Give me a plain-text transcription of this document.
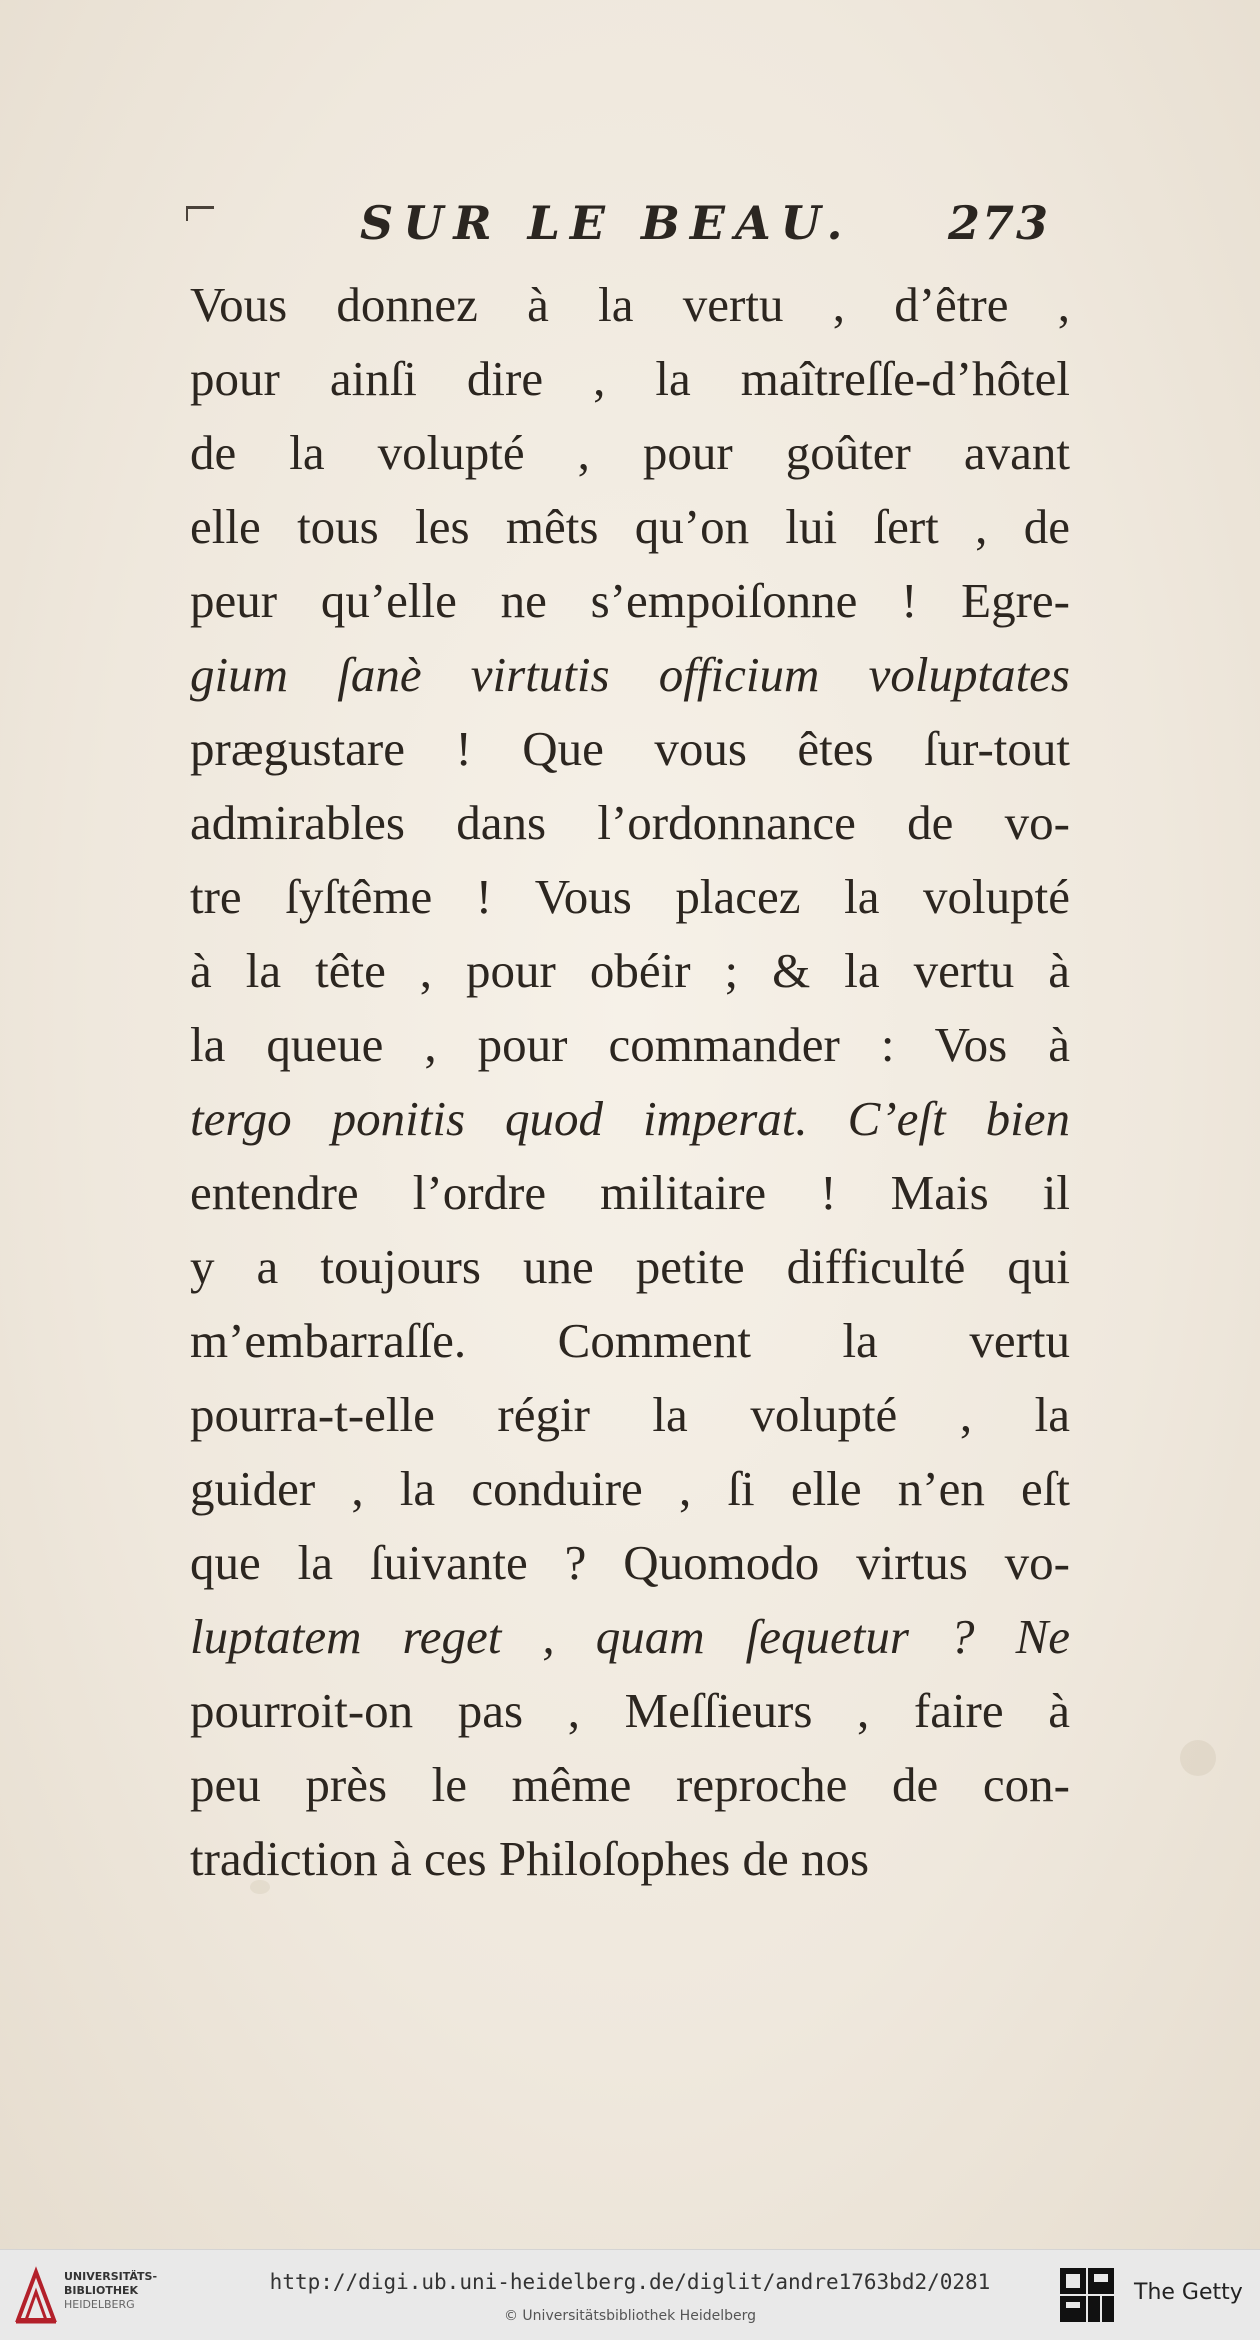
SUR LE BEAU. 273
Vous donnez à la vertu , d’être ,
pour ainſi dire , la maîtreſſe-d’hôtel
de la volupté , pour goûter avant
elle tous les mêts qu’on lui ſert , de
peur qu’elle ne s’empoiſonne ! Egre-
gium ſanè virtutis officium voluptates
prægustare ! Que vous êtes ſur-tout
admirables dans l’ordonnance de vo-
tre ſyſtême ! Vous placez la volupté
à la tête , pour obéir ; & la vertu à
la queue , pour commander : Vos à
tergo ponitis quod imperat. C’eſt bien
entendre l’ordre militaire ! Mais il
y a toujours une petite difficulté qui
m’embarraſſe. Comment la vertu
pourra-t-elle régir la volupté , la
guider , la conduire , ſi elle n’en eſt
que la ſuivante ? Quomodo virtus vo-
luptatem reget , quam ſequetur ? Ne
pourroit-on pas , Meſſieurs , faire à
peu près le même reproche de con-
tradiction à ces Philoſophes de nos
UNIVERSITÄTS-
BIBLIOTHEK
HEIDELBERG
http://digi.ub.uni-heidelberg.de/diglit/andre1763bd2/0281
© Universitätsbibliothek Heidelberg
The Getty
